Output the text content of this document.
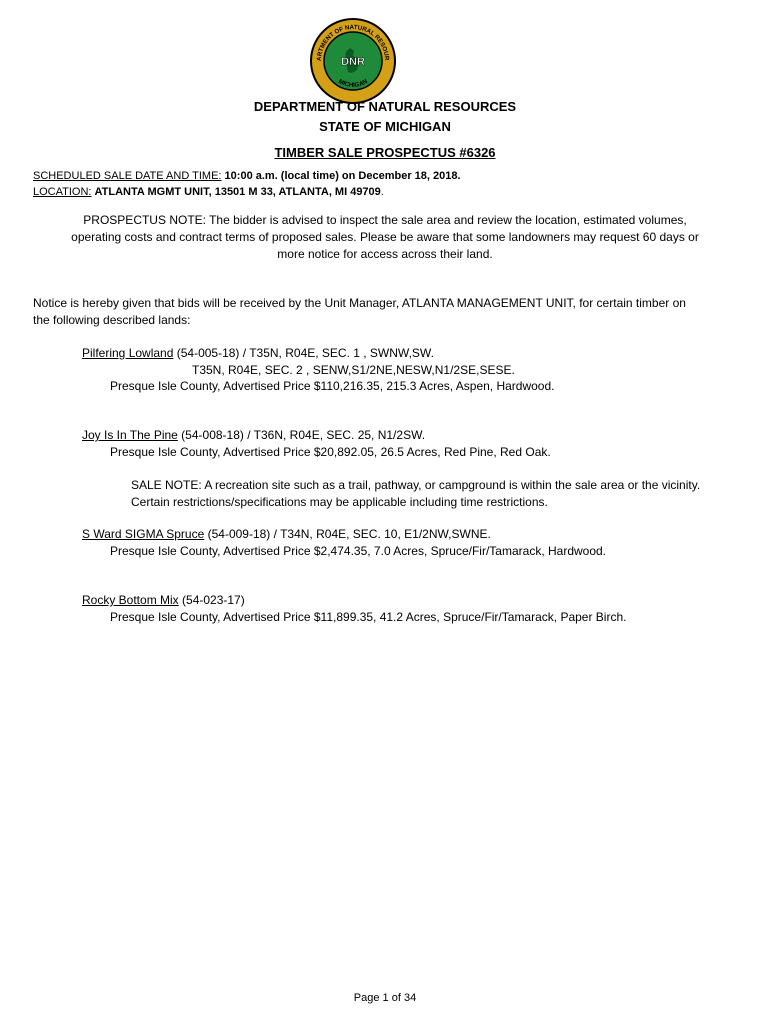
ARTMENT OF NATURAL RESOUR
MICHIGAN
DNR
DEPARTMENT OF NATURAL RESOURCES
STATE OF MICHIGAN
TIMBER SALE PROSPECTUS #6326
SCHEDULED SALE DATE AND TIME: 10:00 a.m. (local time) on December 18, 2018.
LOCATION: ATLANTA MGMT UNIT, 13501 M 33, ATLANTA, MI 49709.
PROSPECTUS NOTE: The bidder is advised to inspect the sale area and review the location, estimated volumes, operating costs and contract terms of proposed sales. Please be aware that some landowners may request 60 days or more notice for access across their land.
Notice is hereby given that bids will be received by the Unit Manager, ATLANTA MANAGEMENT UNIT, for certain timber on the following described lands:
Pilfering Lowland (54-005-18) / T35N, R04E, SEC. 1 , SWNW,SW.
T35N, R04E, SEC. 2 , SENW,S1/2NE,NESW,N1/2SE,SESE.
Presque Isle County, Advertised Price $110,216.35, 215.3 Acres, Aspen, Hardwood.
Joy Is In The Pine (54-008-18) / T36N, R04E, SEC. 25, N1/2SW.
Presque Isle County, Advertised Price $20,892.05, 26.5 Acres, Red Pine, Red Oak.
SALE NOTE: A recreation site such as a trail, pathway, or campground is within the sale area or the vicinity. Certain restrictions/specifications may be applicable including time restrictions.
S Ward SIGMA Spruce (54-009-18) / T34N, R04E, SEC. 10, E1/2NW,SWNE.
Presque Isle County, Advertised Price $2,474.35, 7.0 Acres, Spruce/Fir/Tamarack, Hardwood.
Rocky Bottom Mix (54-023-17)
Presque Isle County, Advertised Price $11,899.35, 41.2 Acres, Spruce/Fir/Tamarack, Paper Birch.
Page 1 of 34
